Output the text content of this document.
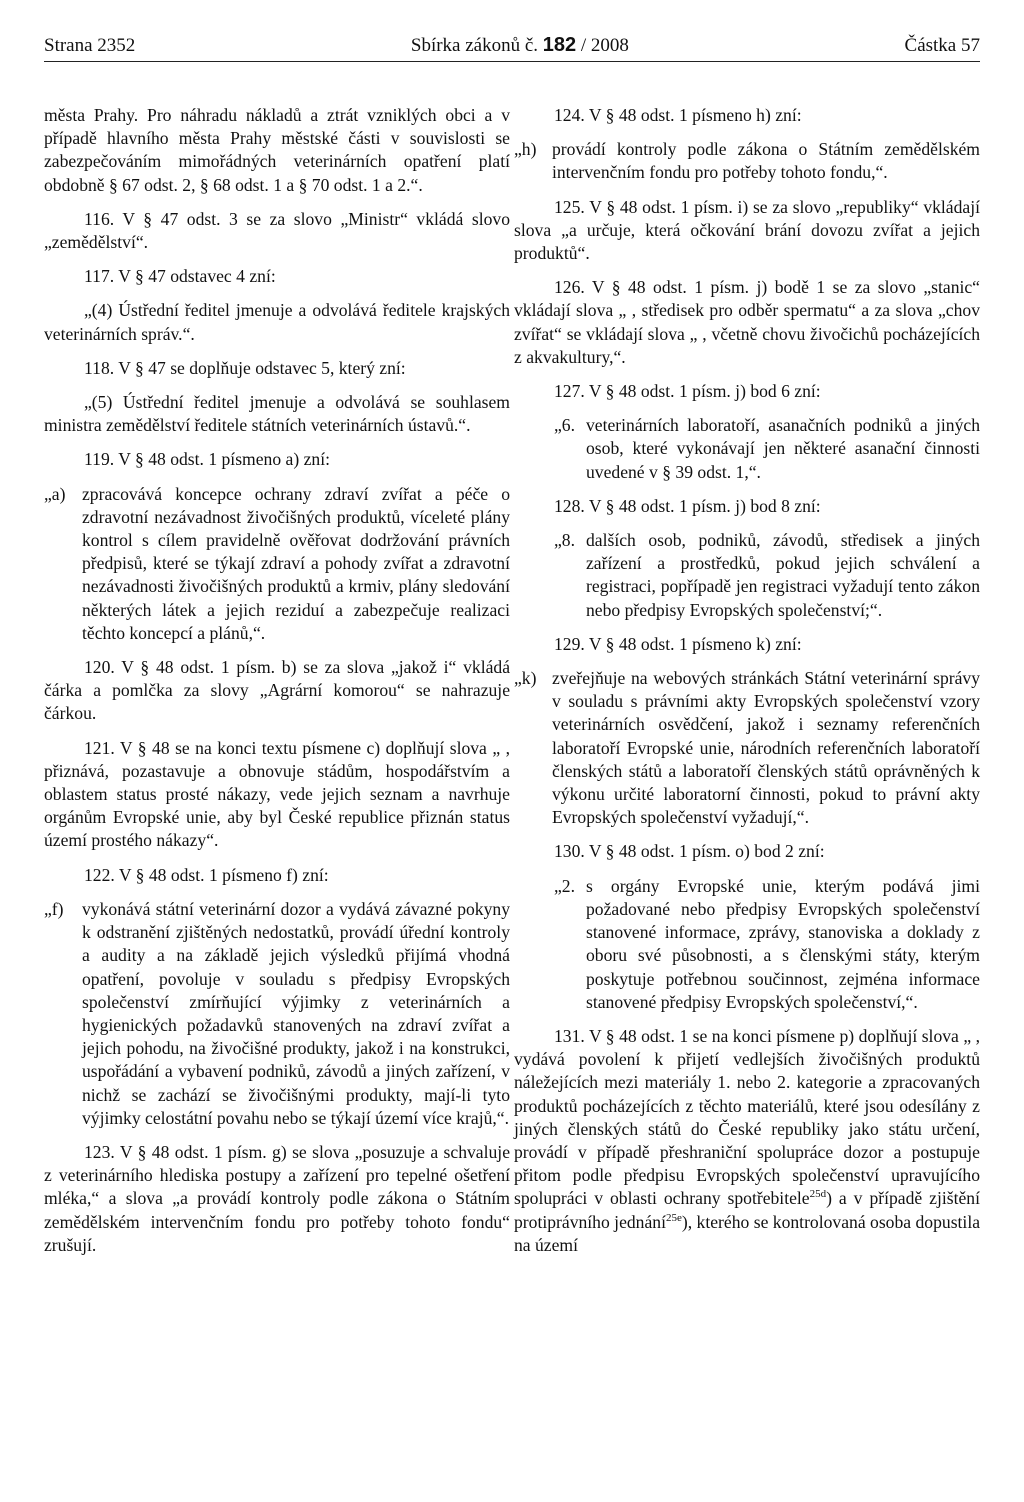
Strana 2352	Sbírka zákonů č. 182 / 2008	Částka 57

města Prahy. Pro náhradu nákladů a ztrát vzniklých obci a v případě hlavního města Prahy městské části v souvislosti se zabezpečováním mimořádných veterinárních opatření platí obdobně § 67 odst. 2, § 68 odst. 1 a § 70 odst. 1 a 2.“.

116. V § 47 odst. 3 se za slovo „Ministr“ vkládá slovo „zemědělství“.

117. V § 47 odstavec 4 zní:

„(4) Ústřední ředitel jmenuje a odvolává ředitele krajských veterinárních správ.“.

118. V § 47 se doplňuje odstavec 5, který zní:

„(5) Ústřední ředitel jmenuje a odvolává se souhlasem ministra zemědělství ředitele státních veterinárních ústavů.“.

119. V § 48 odst. 1 písmeno a) zní:

„a) zpracovává koncepce ochrany zdraví zvířat a péče o zdravotní nezávadnost živočišných produktů, víceleté plány kontrol s cílem pravidelně ověřovat dodržování právních předpisů, které se týkají zdraví a pohody zvířat a zdravotní nezávadnosti živočišných produktů a krmiv, plány sledování některých látek a jejich reziduí a zabezpečuje realizaci těchto koncepcí a plánů,“.

120. V § 48 odst. 1 písm. b) se za slova „jakož i“ vkládá čárka a pomlčka za slovy „Agrární komorou“ se nahrazuje čárkou.

121. V § 48 se na konci textu písmene c) doplňují slova „ , přiznává, pozastavuje a obnovuje stádům, hospodářstvím a oblastem status prosté nákazy, vede jejich seznam a navrhuje orgánům Evropské unie, aby byl České republice přiznán status území prostého nákazy“.

122. V § 48 odst. 1 písmeno f) zní:

„f)	vykonává státní veterinární dozor a vydává závazné pokyny k odstranění zjištěných nedostatků, provádí úřední kontroly a audity a na základě jejich výsledků přijímá vhodná opatření, povoluje v souladu s předpisy Evropských společenství zmírňující výjimky z veterinárních a hygienických požadavků stanovených na zdraví zvířat a jejich pohodu, na živočišné produkty, jakož i na konstrukci, uspořádání a vybavení podniků, závodů a jiných zařízení, v nichž se zachází se živočišnými produkty, mají-li tyto výjimky celostátní povahu nebo se týkají území více krajů,“.

123. V § 48 odst. 1 písm. g) se slova „posuzuje a schvaluje z veterinárního hlediska postupy a zařízení pro tepelné ošetření mléka,“ a slova „a provádí kontroly podle zákona o Státním zemědělském intervenčním fondu pro potřeby tohoto fondu“ zrušují.

124. V § 48 odst. 1 písmeno h) zní:

„h) provádí kontroly podle zákona o Státním zemědělském intervenčním fondu pro potřeby tohoto fondu,“.

125. V § 48 odst. 1 písm. i) se za slovo „republiky“ vkládají slova „a určuje, která očkování brání dovozu zvířat a jejich produktů“.

126. V § 48 odst. 1 písm. j) bodě 1 se za slovo „stanic“ vkládají slova „ , středisek pro odběr spermatu“ a za slova „chov zvířat“ se vkládají slova „ , včetně chovu živočichů pocházejících z akvakultury,“.

127. V § 48 odst. 1 písm. j) bod 6 zní:

„6. veterinárních laboratoří, asanačních podniků a jiných osob, které vykonávají jen některé asanační činnosti uvedené v § 39 odst. 1,“.

128. V § 48 odst. 1 písm. j) bod 8 zní:

„8. dalších osob, podniků, závodů, středisek a jiných zařízení a prostředků, pokud jejich schválení a registraci, popřípadě jen registraci vyžadují tento zákon nebo předpisy Evropských společenství;“.

129. V § 48 odst. 1 písmeno k) zní:

„k) zveřejňuje na webových stránkách Státní veterinární správy v souladu s právními akty Evropských společenství vzory veterinárních osvědčení, jakož i seznamy referenčních laboratoří Evropské unie, národních referenčních laboratoří členských států a laboratoří členských států oprávněných k výkonu určité laboratorní činnosti, pokud to právní akty Evropských společenství vyžadují,“.

130. V § 48 odst. 1 písm. o) bod 2 zní:

„2. s orgány Evropské unie, kterým podává jimi požadované nebo předpisy Evropských společenství stanovené informace, zprávy, stanoviska a doklady z oboru své působnosti, a s členskými státy, kterým poskytuje potřebnou součinnost, zejména informace stanovené předpisy Evropských společenství,“.

131. V § 48 odst. 1 se na konci písmene p) doplňují slova „ , vydává povolení k přijetí vedlejších živočišných produktů náležejících mezi materiály 1. nebo 2. kategorie a zpracovaných produktů pocházejících z těchto materiálů, které jsou odesílány z jiných členských států do České republiky jako státu určení, provádí v případě přeshraniční spolupráce dozor a postupuje přitom podle předpisu Evropských společenství upravujícího spolupráci v oblasti ochrany spotřebitele$^{25d}$) a v případě zjištění protiprávního jednání$^{25e}$), kterého se kontrolovaná osoba dopustila na území
